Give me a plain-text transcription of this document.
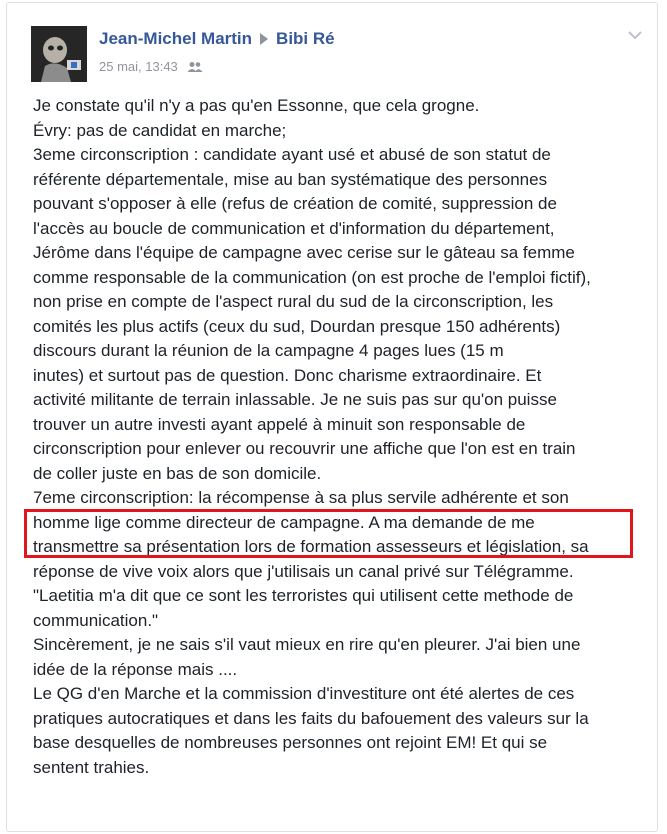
Jean-Michel Martin Bibi Ré
25 mai, 13:43
Je constate qu'il n'y a pas qu'en Essonne, que cela grogne.
Évry: pas de candidat en marche;
3eme circonscription : candidate ayant usé et abusé de son statut de
référente départementale, mise au ban systématique des personnes
pouvant s'opposer à elle (refus de création de comité, suppression de
l'accès au boucle de communication et d'information du département,
Jérôme dans l'équipe de campagne avec cerise sur le gâteau sa femme
comme responsable de la communication (on est proche de l'emploi fictif),
non prise en compte de l'aspect rural du sud de la circonscription, les
comités les plus actifs (ceux du sud, Dourdan presque 150 adhérents)
discours durant la réunion de la campagne 4 pages lues (15 m
inutes) et surtout pas de question. Donc charisme extraordinaire. Et
activité militante de terrain inlassable. Je ne suis pas sur qu'on puisse
trouver un autre investi ayant appelé à minuit son responsable de
circonscription pour enlever ou recouvrir une affiche que l'on est en train
de coller juste en bas de son domicile.
7eme circonscription: la récompense à sa plus servile adhérente et son
homme lige comme directeur de campagne. A ma demande de me
transmettre sa présentation lors de formation assesseurs et législation, sa
réponse de vive voix alors que j'utilisais un canal privé sur Télégramme.
"Laetitia m'a dit que ce sont les terroristes qui utilisent cette methode de
communication."
Sincèrement, je ne sais s'il vaut mieux en rire qu'en pleurer. J'ai bien une
idée de la réponse mais ....
Le QG d'en Marche et la commission d'investiture ont été alertes de ces
pratiques autocratiques et dans les faits du bafouement des valeurs sur la
base desquelles de nombreuses personnes ont rejoint EM! Et qui se
sentent trahies.
